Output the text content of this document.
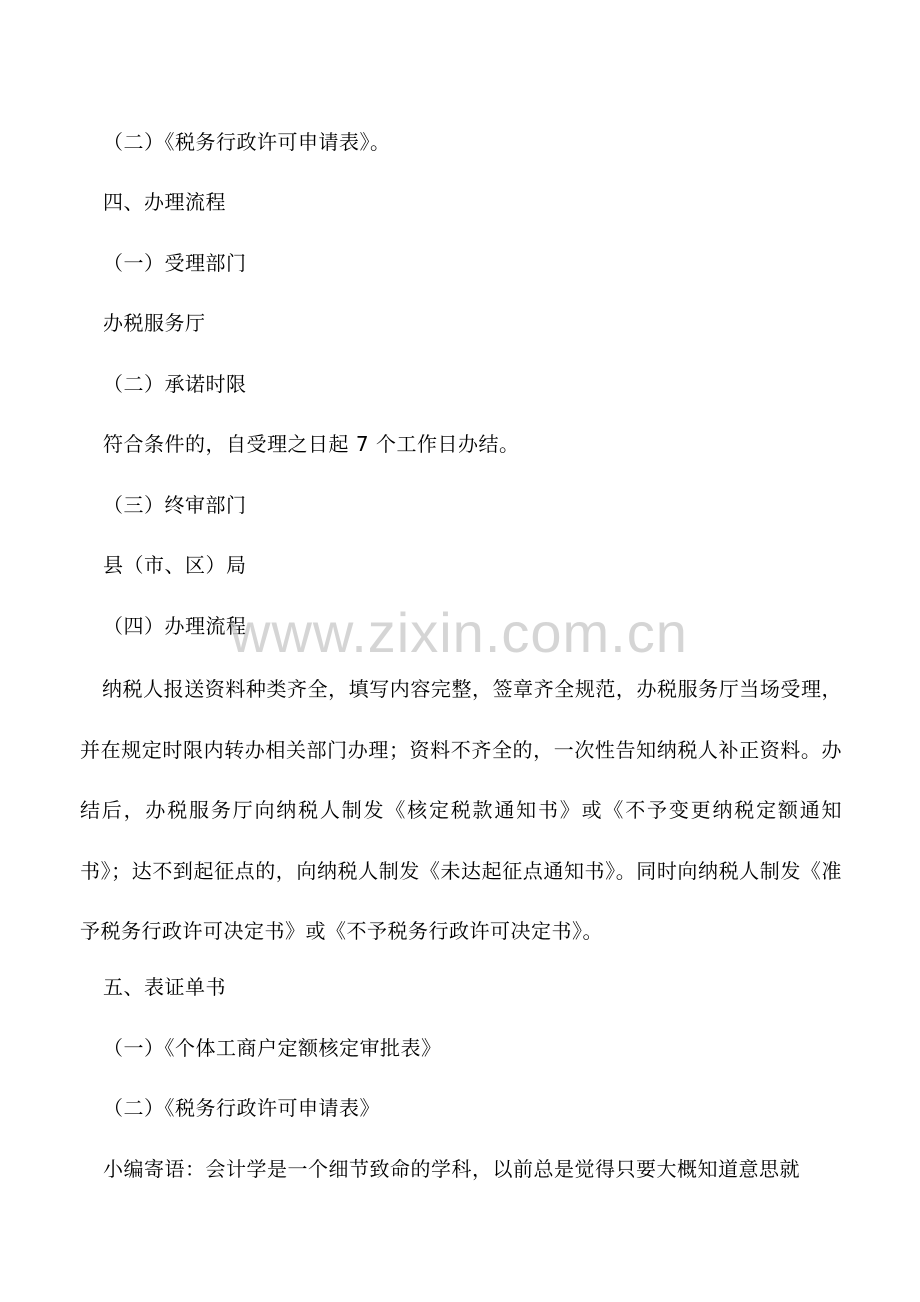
（二）《税务行政许可申请表》。
四、办理流程
（一）受理部门
办税服务厅
（二）承诺时限
符合条件的，自受理之日起 7 个工作日办结。
（三）终审部门
县（市、区）局
（四）办理流程
纳税人报送资料种类齐全，填写内容完整，签章齐全规范，办税服务厅当场受理，并在规定时限内转办相关部门办理；资料不齐全的，一次性告知纳税人补正资料。办结后，办税服务厅向纳税人制发《核定税款通知书》或《不予变更纳税定额通知书》；达不到起征点的，向纳税人制发《未达起征点通知书》。同时向纳税人制发《准予税务行政许可决定书》或《不予税务行政许可决定书》。
五、表证单书
（一）《个体工商户定额核定审批表》
（二）《税务行政许可申请表》
小编寄语：会计学是一个细节致命的学科，以前总是觉得只要大概知道意思就
www.zixin.com.cn
